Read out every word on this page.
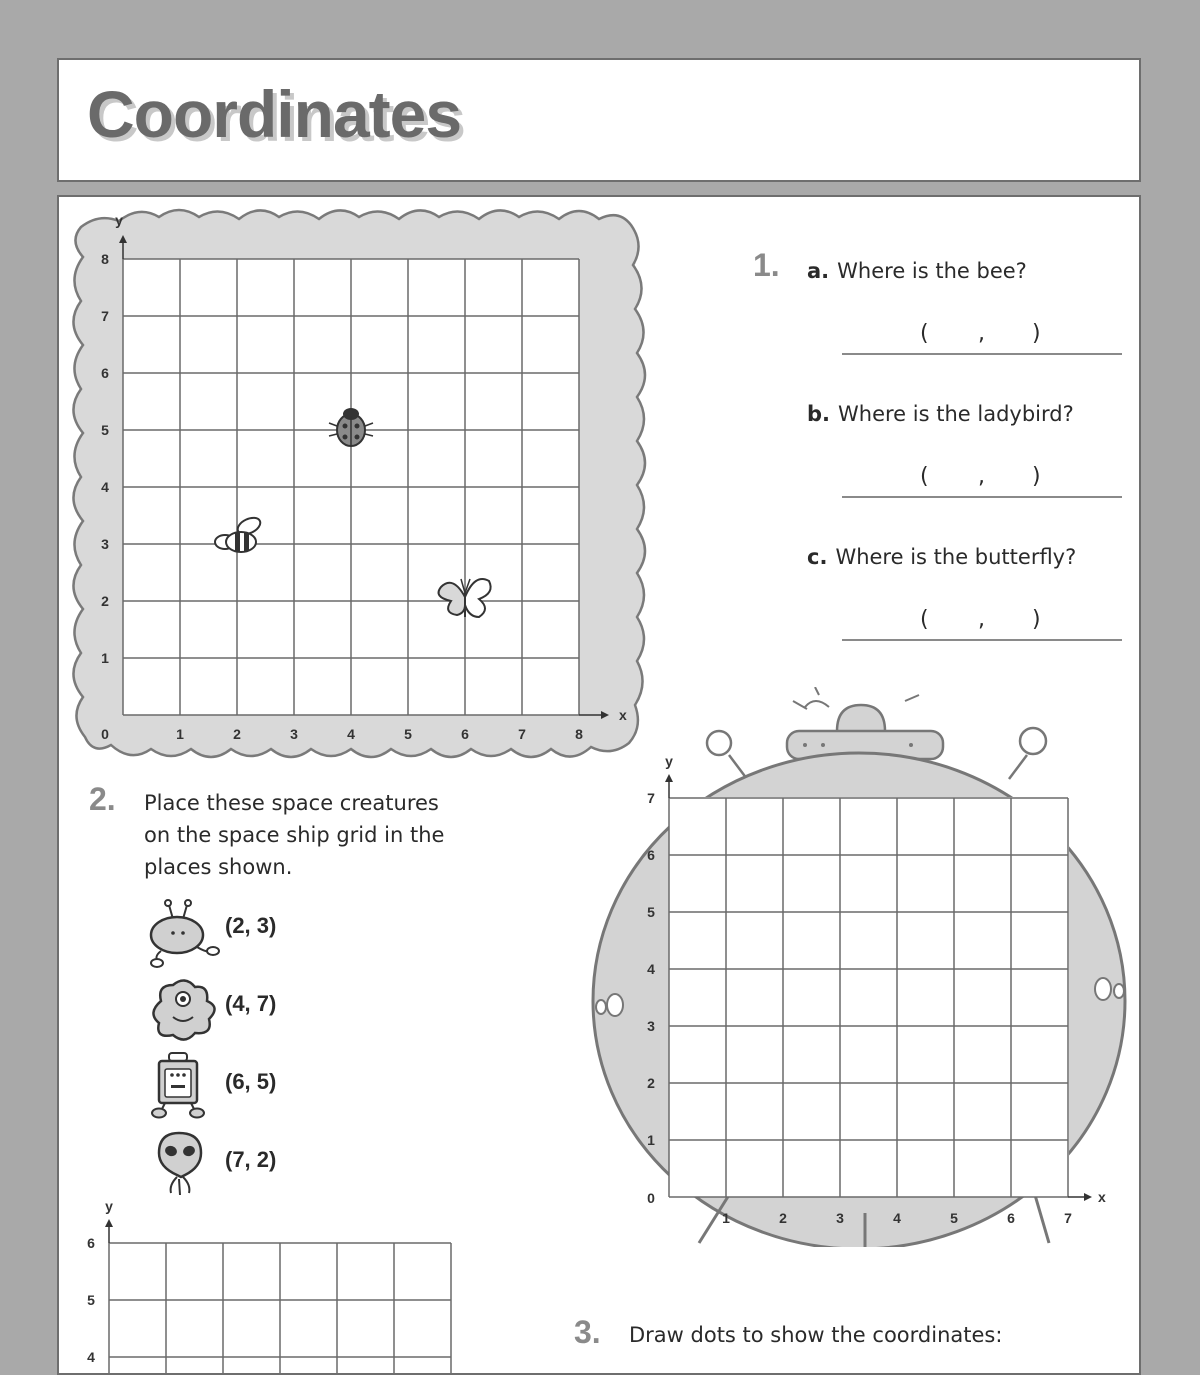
Coordinates
0	1	2	3	4	5	6	7	8
1
2
3
4
5
6
7
8
x
y
1. a. Where is the bee?
( , )
b. Where is the ladybird?
( , )
c. Where is the butterfly?
( , )
2. Place these space creatures
on the space ship grid in the
places shown.
(2, 3)
(4, 7)
(6, 5)
(7, 2)
0
1	2	3	4	5	6	7
1
2
3
4
5
6
7
x
y
3. Draw dots to show the coordinates:
6
5
4
y
